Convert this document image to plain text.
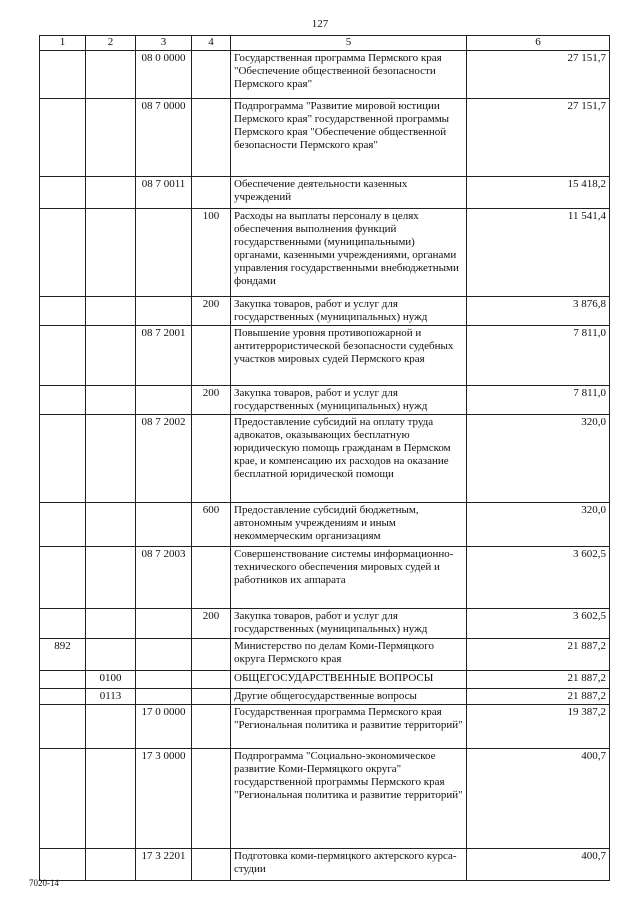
127
1	2	3	4	5	6
		08 0 0000		Государственная программа Пермского края "Обеспечение общественной безопасности Пермского края"	27 151,7
		08 7 0000		Подпрограмма "Развитие мировой юстиции Пермского края" государственной программы Пермского края "Обеспечение общественной безопасности Пермского края"	27 151,7
		08 7 0011		Обеспечение деятельности казенных учреждений	15 418,2
			100	Расходы на выплаты персоналу в целях обеспечения выполнения функций государственными (муниципальными) органами, казенными учреждениями, органами управления государственными внебюджетными фондами	11 541,4
			200	Закупка товаров, работ и услуг для государственных (муниципальных) нужд	3 876,8
		08 7 2001		Повышение уровня противопожарной и антитеррористической безопасности судебных участков мировых судей Пермского края	7 811,0
			200	Закупка товаров, работ и услуг для государственных (муниципальных) нужд	7 811,0
		08 7 2002		Предоставление субсидий на оплату труда адвокатов, оказывающих бесплатную юридическую помощь гражданам в Пермском крае, и компенсацию их расходов на оказание бесплатной юридической помощи	320,0
			600	Предоставление субсидий бюджетным, автономным учреждениям и иным некоммерческим организациям	320,0
		08 7 2003		Совершенствование системы информационно-технического обеспечения мировых судей и работников их аппарата	3 602,5
			200	Закупка товаров, работ и услуг для государственных (муниципальных) нужд	3 602,5
892				Министерство по делам Коми-Пермяцкого округа Пермского края	21 887,2
	0100			ОБЩЕГОСУДАРСТВЕННЫЕ ВОПРОСЫ	21 887,2
	0113			Другие общегосударственные вопросы	21 887,2
		17 0 0000		Государственная программа Пермского края "Региональная политика и развитие территорий"	19 387,2
		17 3 0000		Подпрограмма "Социально-экономическое развитие Коми-Пермяцкого округа" государственной программы Пермского края "Региональная политика и развитие территорий"	400,7
		17 3 2201		Подготовка коми-пермяцкого актерского курса-студии	400,7
7020-14
